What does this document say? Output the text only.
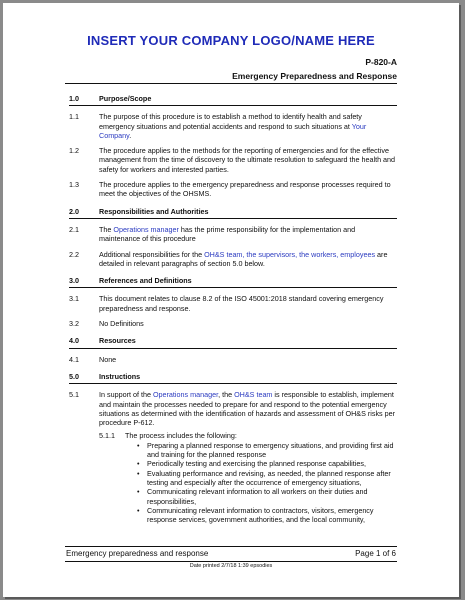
INSERT YOUR COMPANY LOGO/NAME HERE
P-820-A
Emergency Preparedness and Response
1.0	Purpose/Scope
1.1	The purpose of this procedure is to establish a method to identify health and safety emergency situations and potential accidents and respond to such situations at Your Company.
1.2	The procedure applies to the methods for the reporting of emergencies and for the effective management from the time of discovery to the ultimate resolution to safeguard the health and safety for workers and interested parties.
1.3	The procedure applies to the emergency preparedness and response processes required to meet the objectives of the OHSMS.
2.0	Responsibilities and Authorities
2.1	The Operations manager has the prime responsibility for the implementation and maintenance of this procedure
2.2	Additional responsibilities for the OH&S team, the supervisors, the workers, employees are detailed in relevant paragraphs of section 5.0 below.
3.0	References and Definitions
3.1	This document relates to clause 8.2 of the ISO 45001:2018 standard covering emergency preparedness and response.
3.2	No Definitions
4.0	Resources
4.1	None
5.0	Instructions
5.1	In support of the Operations manager, the OH&S team is responsible to establish, implement and maintain the processes needed to prepare for and respond to the potential emergency situations as determined with the identification of hazards and assessment of OH&S risks per procedure P-612.
5.1.1 The process includes the following:
• Preparing a planned response to emergency situations, and providing first aid and training for the planned response
• Periodically testing and exercising the planned response capabilities,
• Evaluating performance and revising, as needed, the planned response after testing and especially after the occurrence of emergency situations,
• Communicating relevant information to all workers on their duties and responsibilities,
• Communicating relevant information to contractors, visitors, emergency response services, government authorities, and the local community,
Emergency preparedness and response	Page 1 of 6
Date printed 2/7/18 1:39 epsodies
